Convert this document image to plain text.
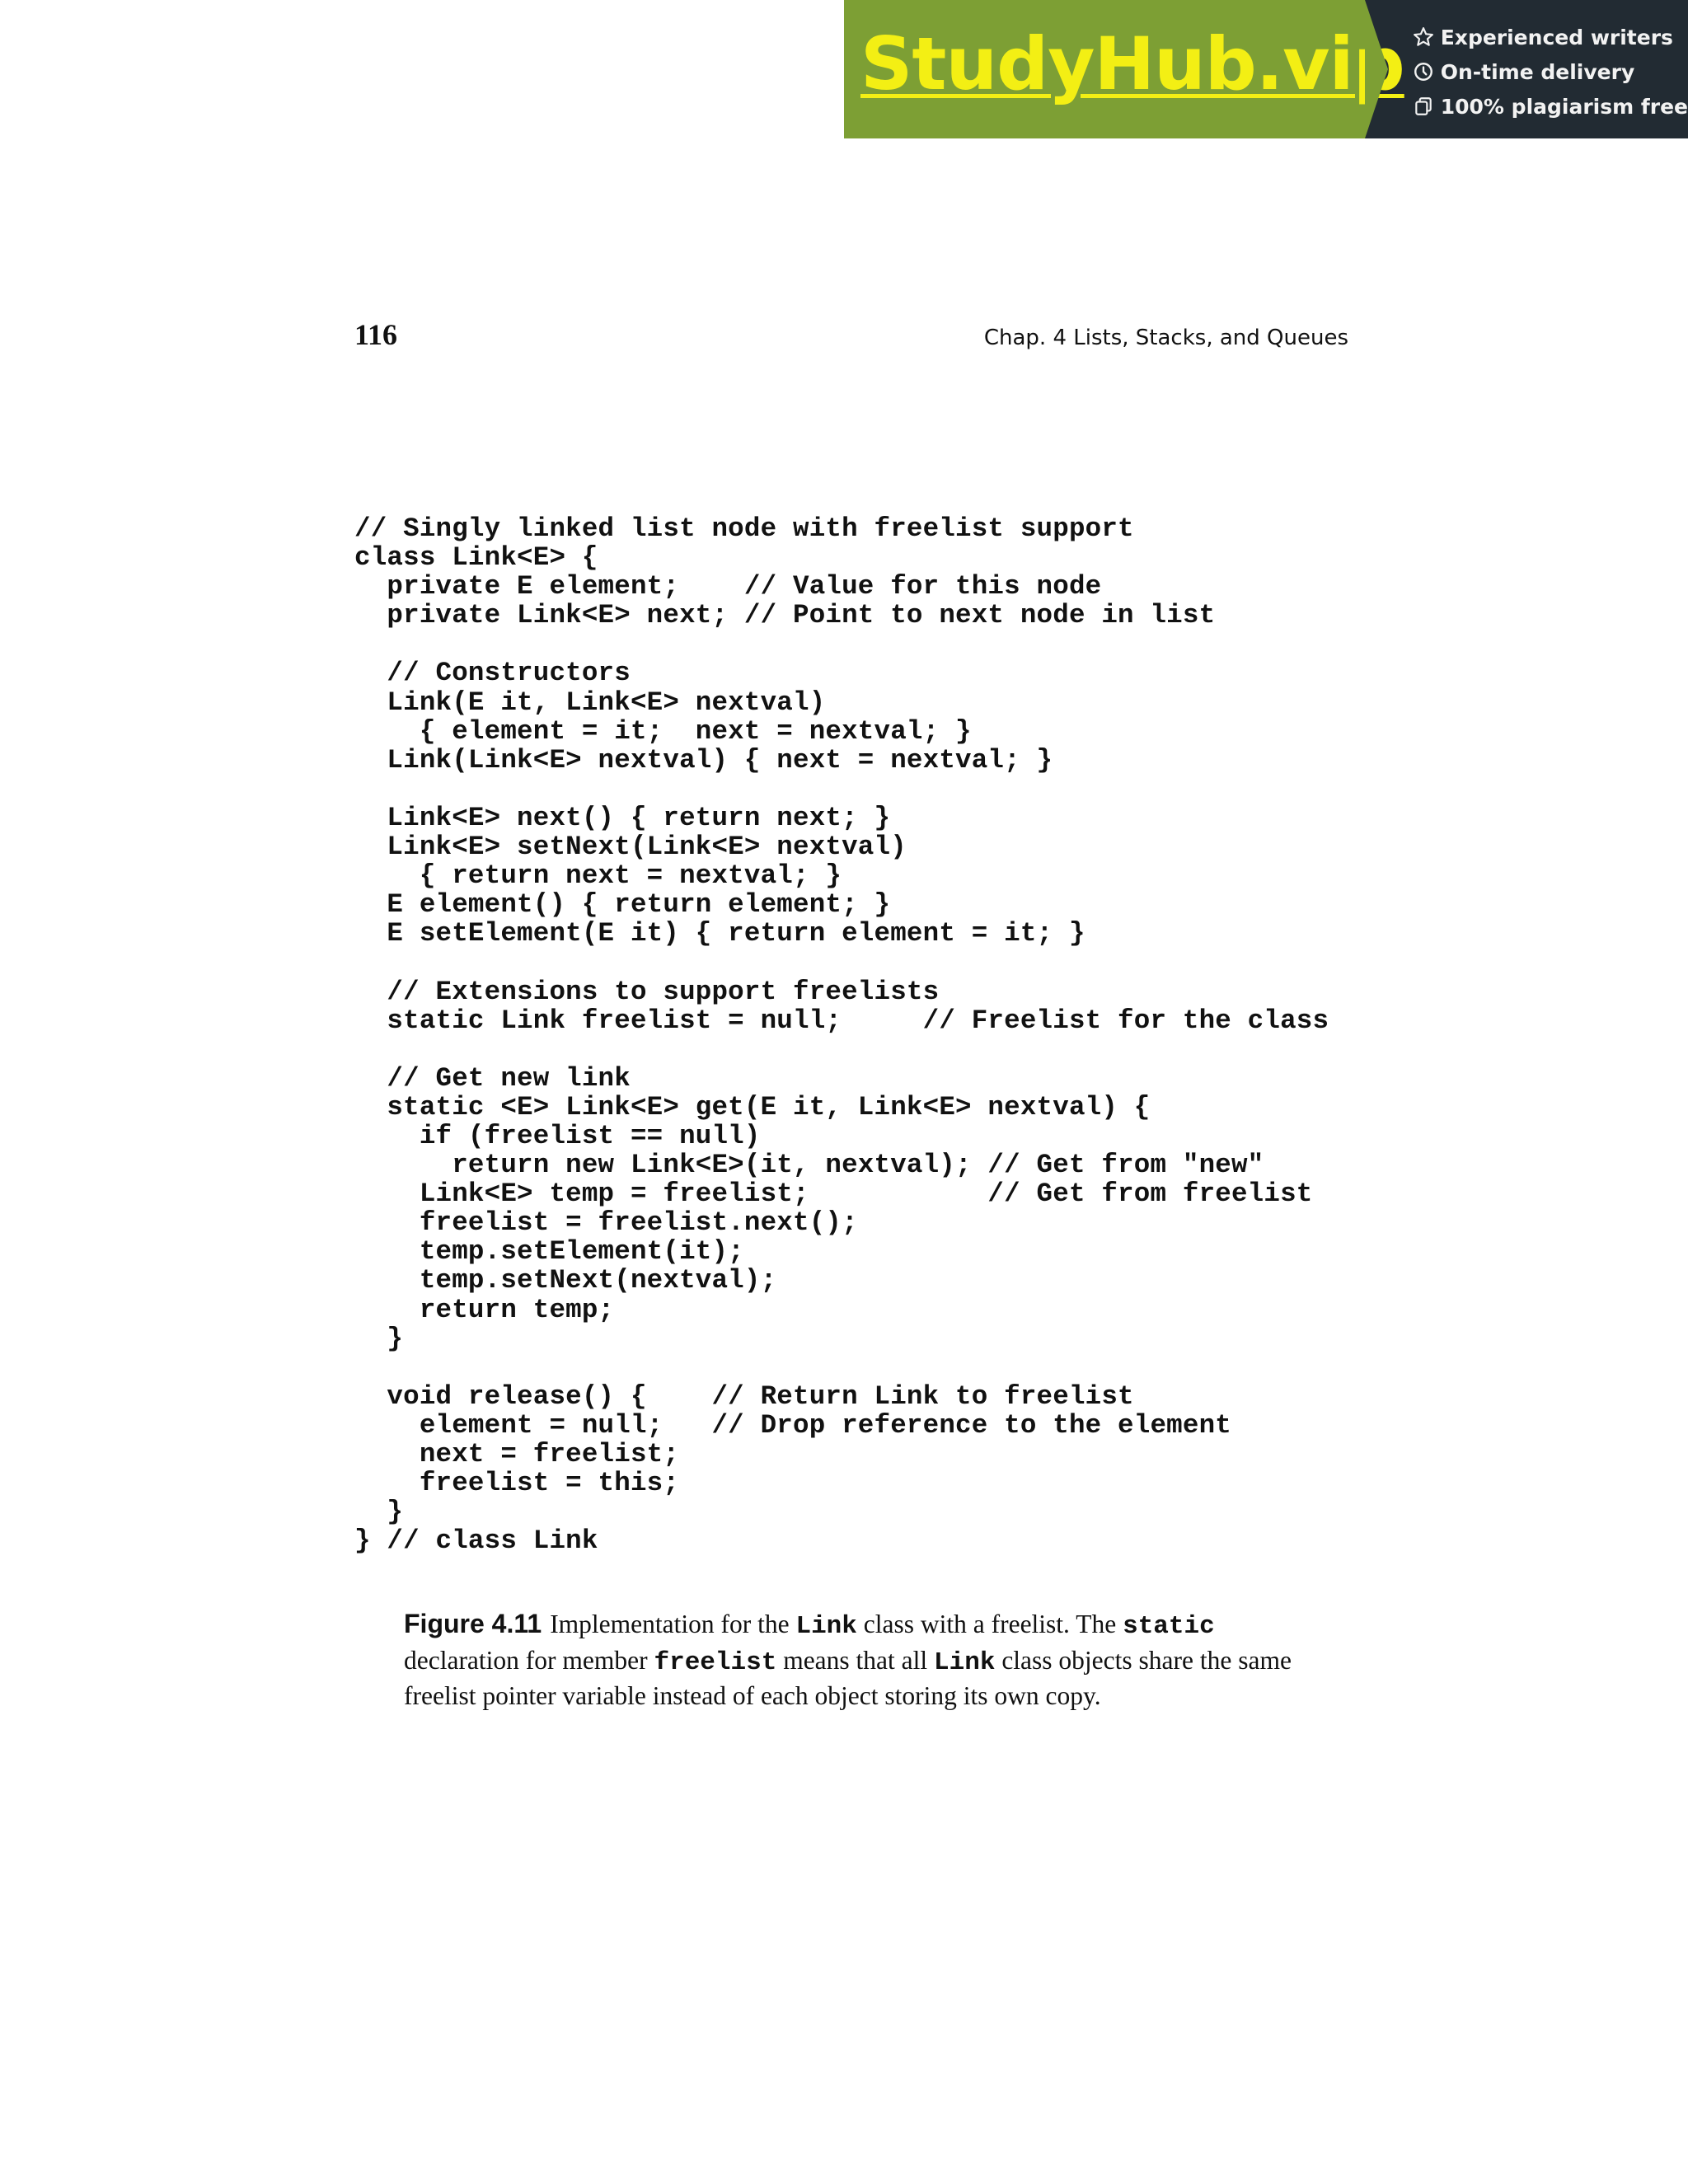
StudyHub.vip Experienced writers
On-time delivery
100% plagiarism free
116	Chap. 4 Lists, Stacks, and Queues
// Singly linked list node with freelist support
class Link<E> {
private E element;    // Value for this node
private Link<E> next; // Point to next node in list
// Constructors
Link(E it, Link<E> nextval)
{ element = it;  next = nextval; }
Link(Link<E> nextval) { next = nextval; }
Link<E> next() { return next; }
Link<E> setNext(Link<E> nextval)
{ return next = nextval; }
E element() { return element; }
E setElement(E it) { return element = it; }
// Extensions to support freelists
static Link freelist = null;     // Freelist for the class
// Get new link
static <E> Link<E> get(E it, Link<E> nextval) {
if (freelist == null)
return new Link<E>(it, nextval); // Get from "new"
Link<E> temp = freelist;           // Get from freelist
freelist = freelist.next();
temp.setElement(it);
temp.setNext(nextval);
return temp;
}
void release() {    // Return Link to freelist
element = null;   // Drop reference to the element
next = freelist;
freelist = this;
}
} // class Link
Figure 4.11 Implementation for the Link class with a freelist. The static declaration for member freelist means that all Link class objects share the same freelist pointer variable instead of each object storing its own copy.
